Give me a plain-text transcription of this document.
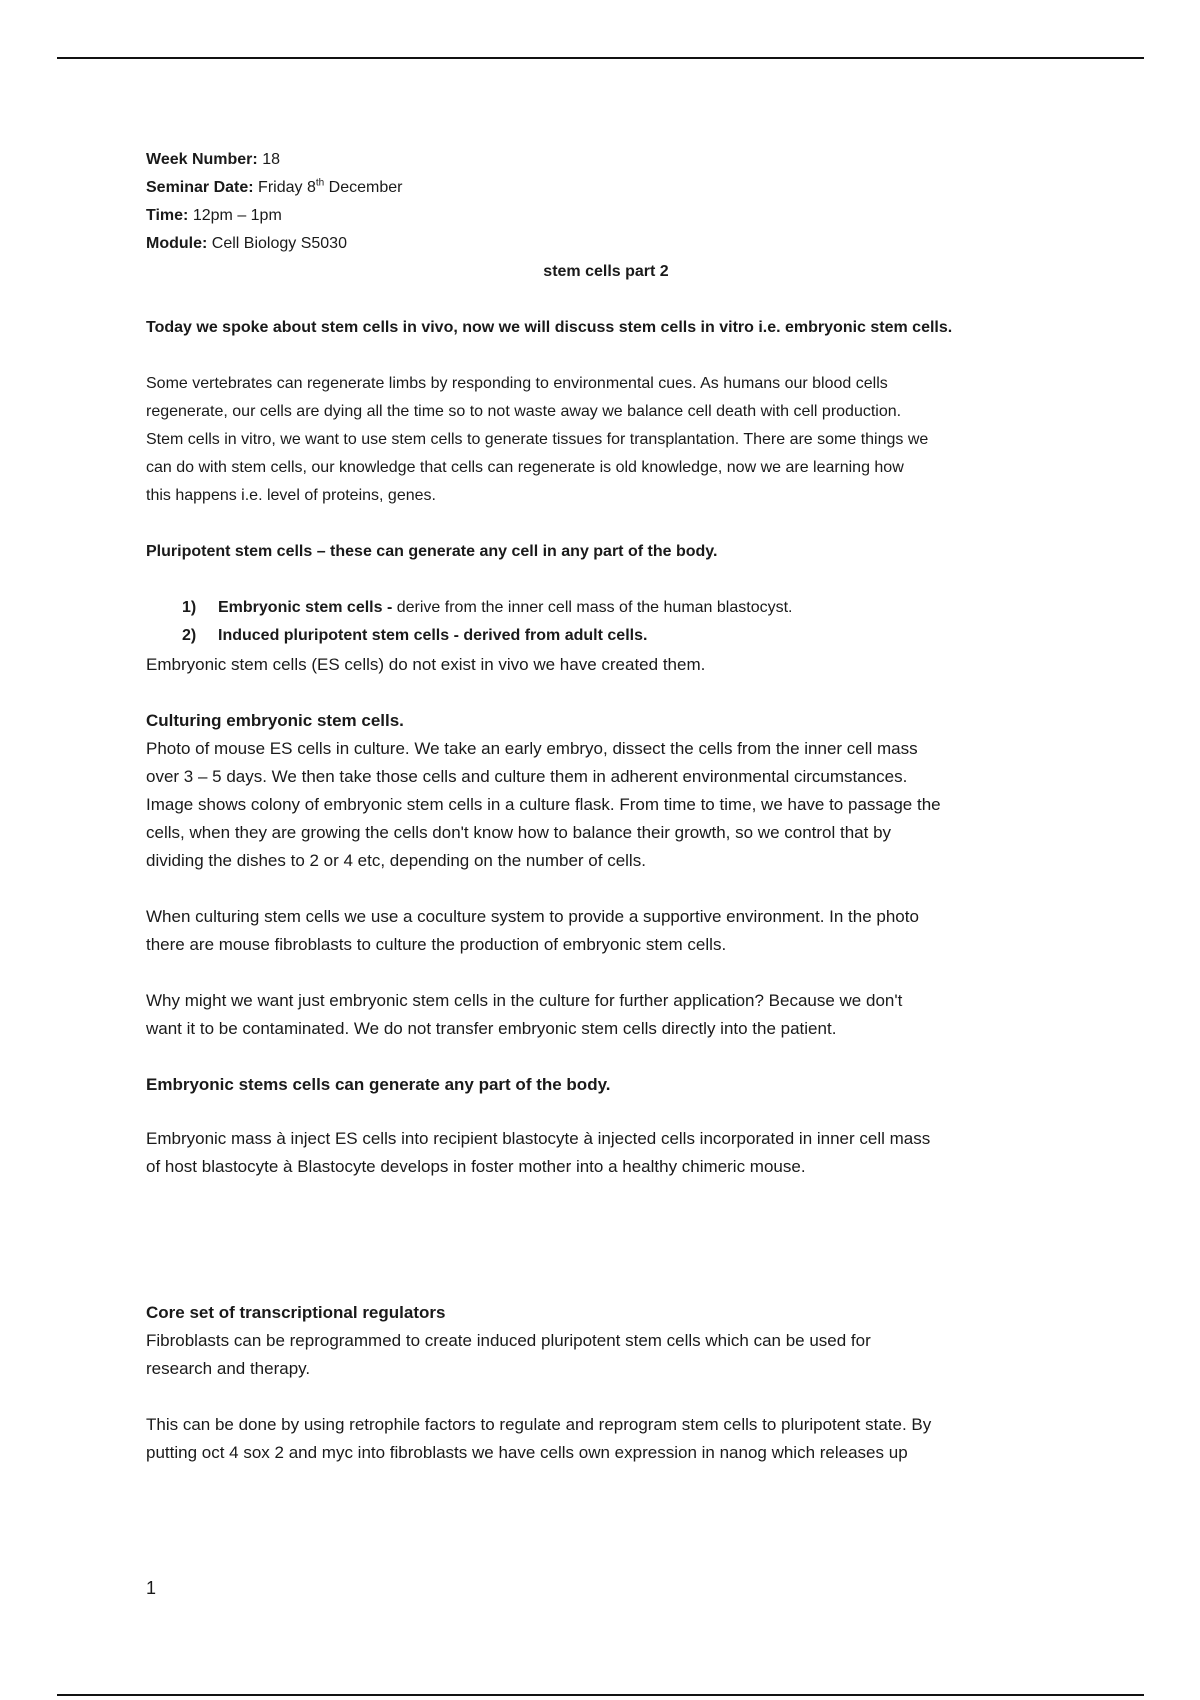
Week Number: 18
Seminar Date: Friday 8th December
Time: 12pm – 1pm
Module: Cell Biology S5030
stem cells part 2
Today we spoke about stem cells in vivo, now we will discuss stem cells in vitro i.e. embryonic stem cells.
Some vertebrates can regenerate limbs by responding to environmental cues. As humans our blood cells
regenerate, our cells are dying all the time so to not waste away we balance cell death with cell production.
Stem cells in vitro, we want to use stem cells to generate tissues for transplantation. There are some things we
can do with stem cells, our knowledge that cells can regenerate is old knowledge, now we are learning how
this happens i.e. level of proteins, genes.
Pluripotent stem cells – these can generate any cell in any part of the body.
1) Embryonic stem cells - derive from the inner cell mass of the human blastocyst.
2) Induced pluripotent stem cells - derived from adult cells.
Embryonic stem cells (ES cells) do not exist in vivo we have created them.
Culturing embryonic stem cells.
Photo of mouse ES cells in culture. We take an early embryo, dissect the cells from the inner cell mass
over 3 – 5 days. We then take those cells and culture them in adherent environmental circumstances.
Image shows colony of embryonic stem cells in a culture flask. From time to time, we have to passage the
cells, when they are growing the cells don't know how to balance their growth, so we control that by
dividing the dishes to 2 or 4 etc, depending on the number of cells.
When culturing stem cells we use a coculture system to provide a supportive environment. In the photo
there are mouse fibroblasts to culture the production of embryonic stem cells.
Why might we want just embryonic stem cells in the culture for further application? Because we don't
want it to be contaminated. We do not transfer embryonic stem cells directly into the patient.
Embryonic stems cells can generate any part of the body.
Embryonic mass à inject ES cells into recipient blastocyte à injected cells incorporated in inner cell mass
of host blastocyte à Blastocyte develops in foster mother into a healthy chimeric mouse.
Core set of transcriptional regulators
Fibroblasts can be reprogrammed to create induced pluripotent stem cells which can be used for
research and therapy.
This can be done by using retrophile factors to regulate and reprogram stem cells to pluripotent state. By
putting oct 4 sox 2 and myc into fibroblasts we have cells own expression in nanog which releases up
1
